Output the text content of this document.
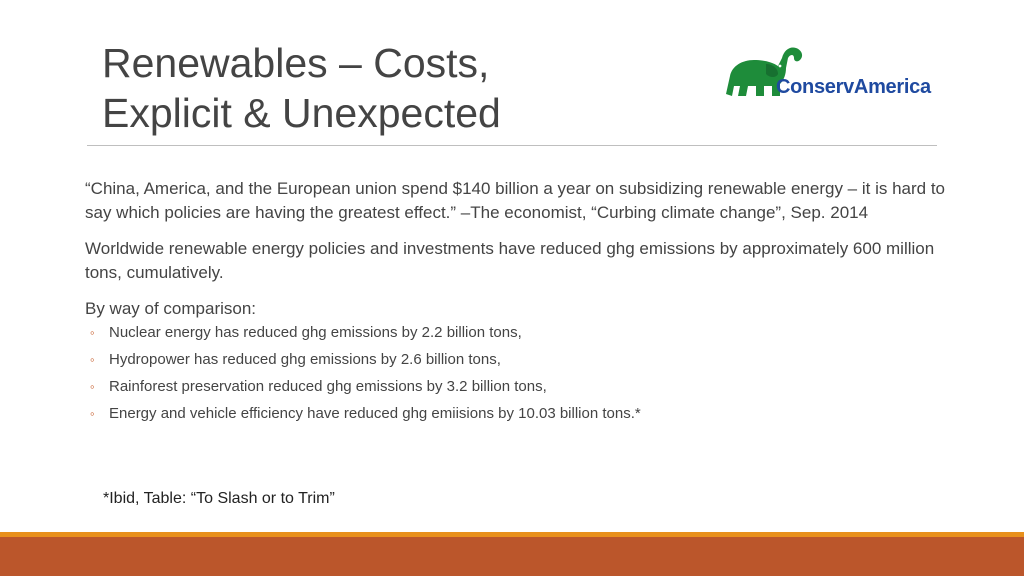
Renewables – Costs,
Explicit & Unexpected
ConservAmerica

“China, America, and the European union spend $140 billion a year on subsidizing renewable energy – it is hard to say which policies are having the greatest effect.” –The economist, “Curbing climate change”, Sep. 2014

Worldwide renewable energy policies and investments have reduced ghg emissions by approximately 600 million tons, cumulatively.

By way of comparison:

◦ Nuclear energy has reduced ghg emissions by 2.2 billion tons,
◦ Hydropower has reduced ghg emissions by 2.6 billion tons,
◦ Rainforest preservation reduced ghg emissions by 3.2 billion tons,
◦ Energy and vehicle efficiency have reduced ghg emiisions by 10.03 billion tons.*
*Ibid, Table: “To Slash or to Trim”
